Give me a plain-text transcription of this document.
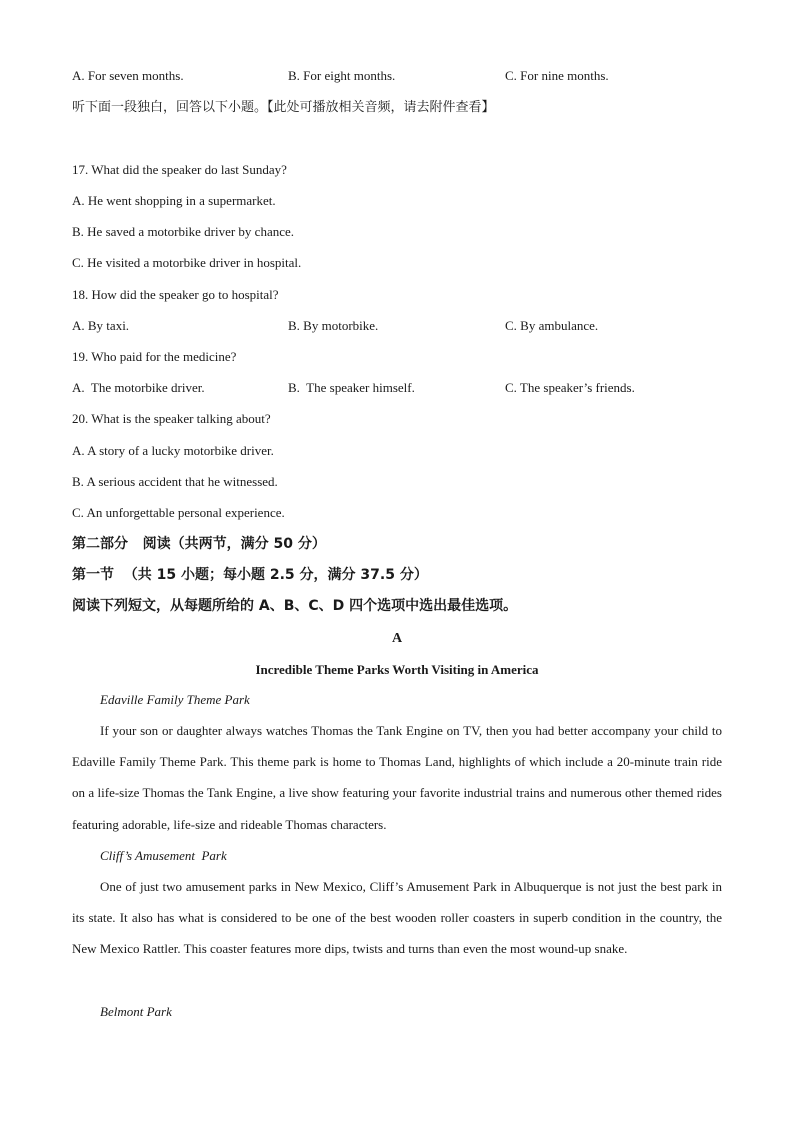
A. For seven months.	B. For eight months.	C. For nine months.
听下面一段独白，回答以下小题。【此处可播放相关音频，请去附件查看】
17. What did the speaker do last Sunday?
A. He went shopping in a supermarket.
B. He saved a motorbike driver by chance.
C. He visited a motorbike driver in hospital.
18. How did the speaker go to hospital?
A. By taxi.	B. By motorbike.	C. By ambulance.
19. Who paid for the medicine?
A.  The motorbike driver.	B.  The speaker himself.	C. The speaker’s friends.
20. What is the speaker talking about?
A. A story of a lucky motorbike driver.
B. A serious accident that he witnessed.
C. An unforgettable personal experience.
第二部分   阅读（共两节，满分 50 分）
第一节  （共 15 小题；每小题 2.5 分，满分 37.5 分）
阅读下列短文，从每题所给的 A、B、C、D 四个选项中选出最佳选项。
A
Incredible Theme Parks Worth Visiting in America
Edaville Family Theme Park

If your son or daughter always watches Thomas the Tank Engine on TV, then you had better accompany your child to Edaville Family Theme Park. This theme park is home to Thomas Land, highlights of which include a 20-minute train ride on a life-size Thomas the Tank Engine, a live show featuring your favorite industrial trains and numerous other themed rides featuring adorable, life-size and rideable Thomas characters.

Cliff’s Amusement  Park

One of just two amusement parks in New Mexico, Cliff’s Amusement Park in Albuquerque is not just the best park in its state. It also has what is considered to be one of the best wooden roller coasters in superb condition in the country, the New Mexico Rattler. This coaster features more dips, twists and turns than even the most wound-up snake.

Belmont Park
